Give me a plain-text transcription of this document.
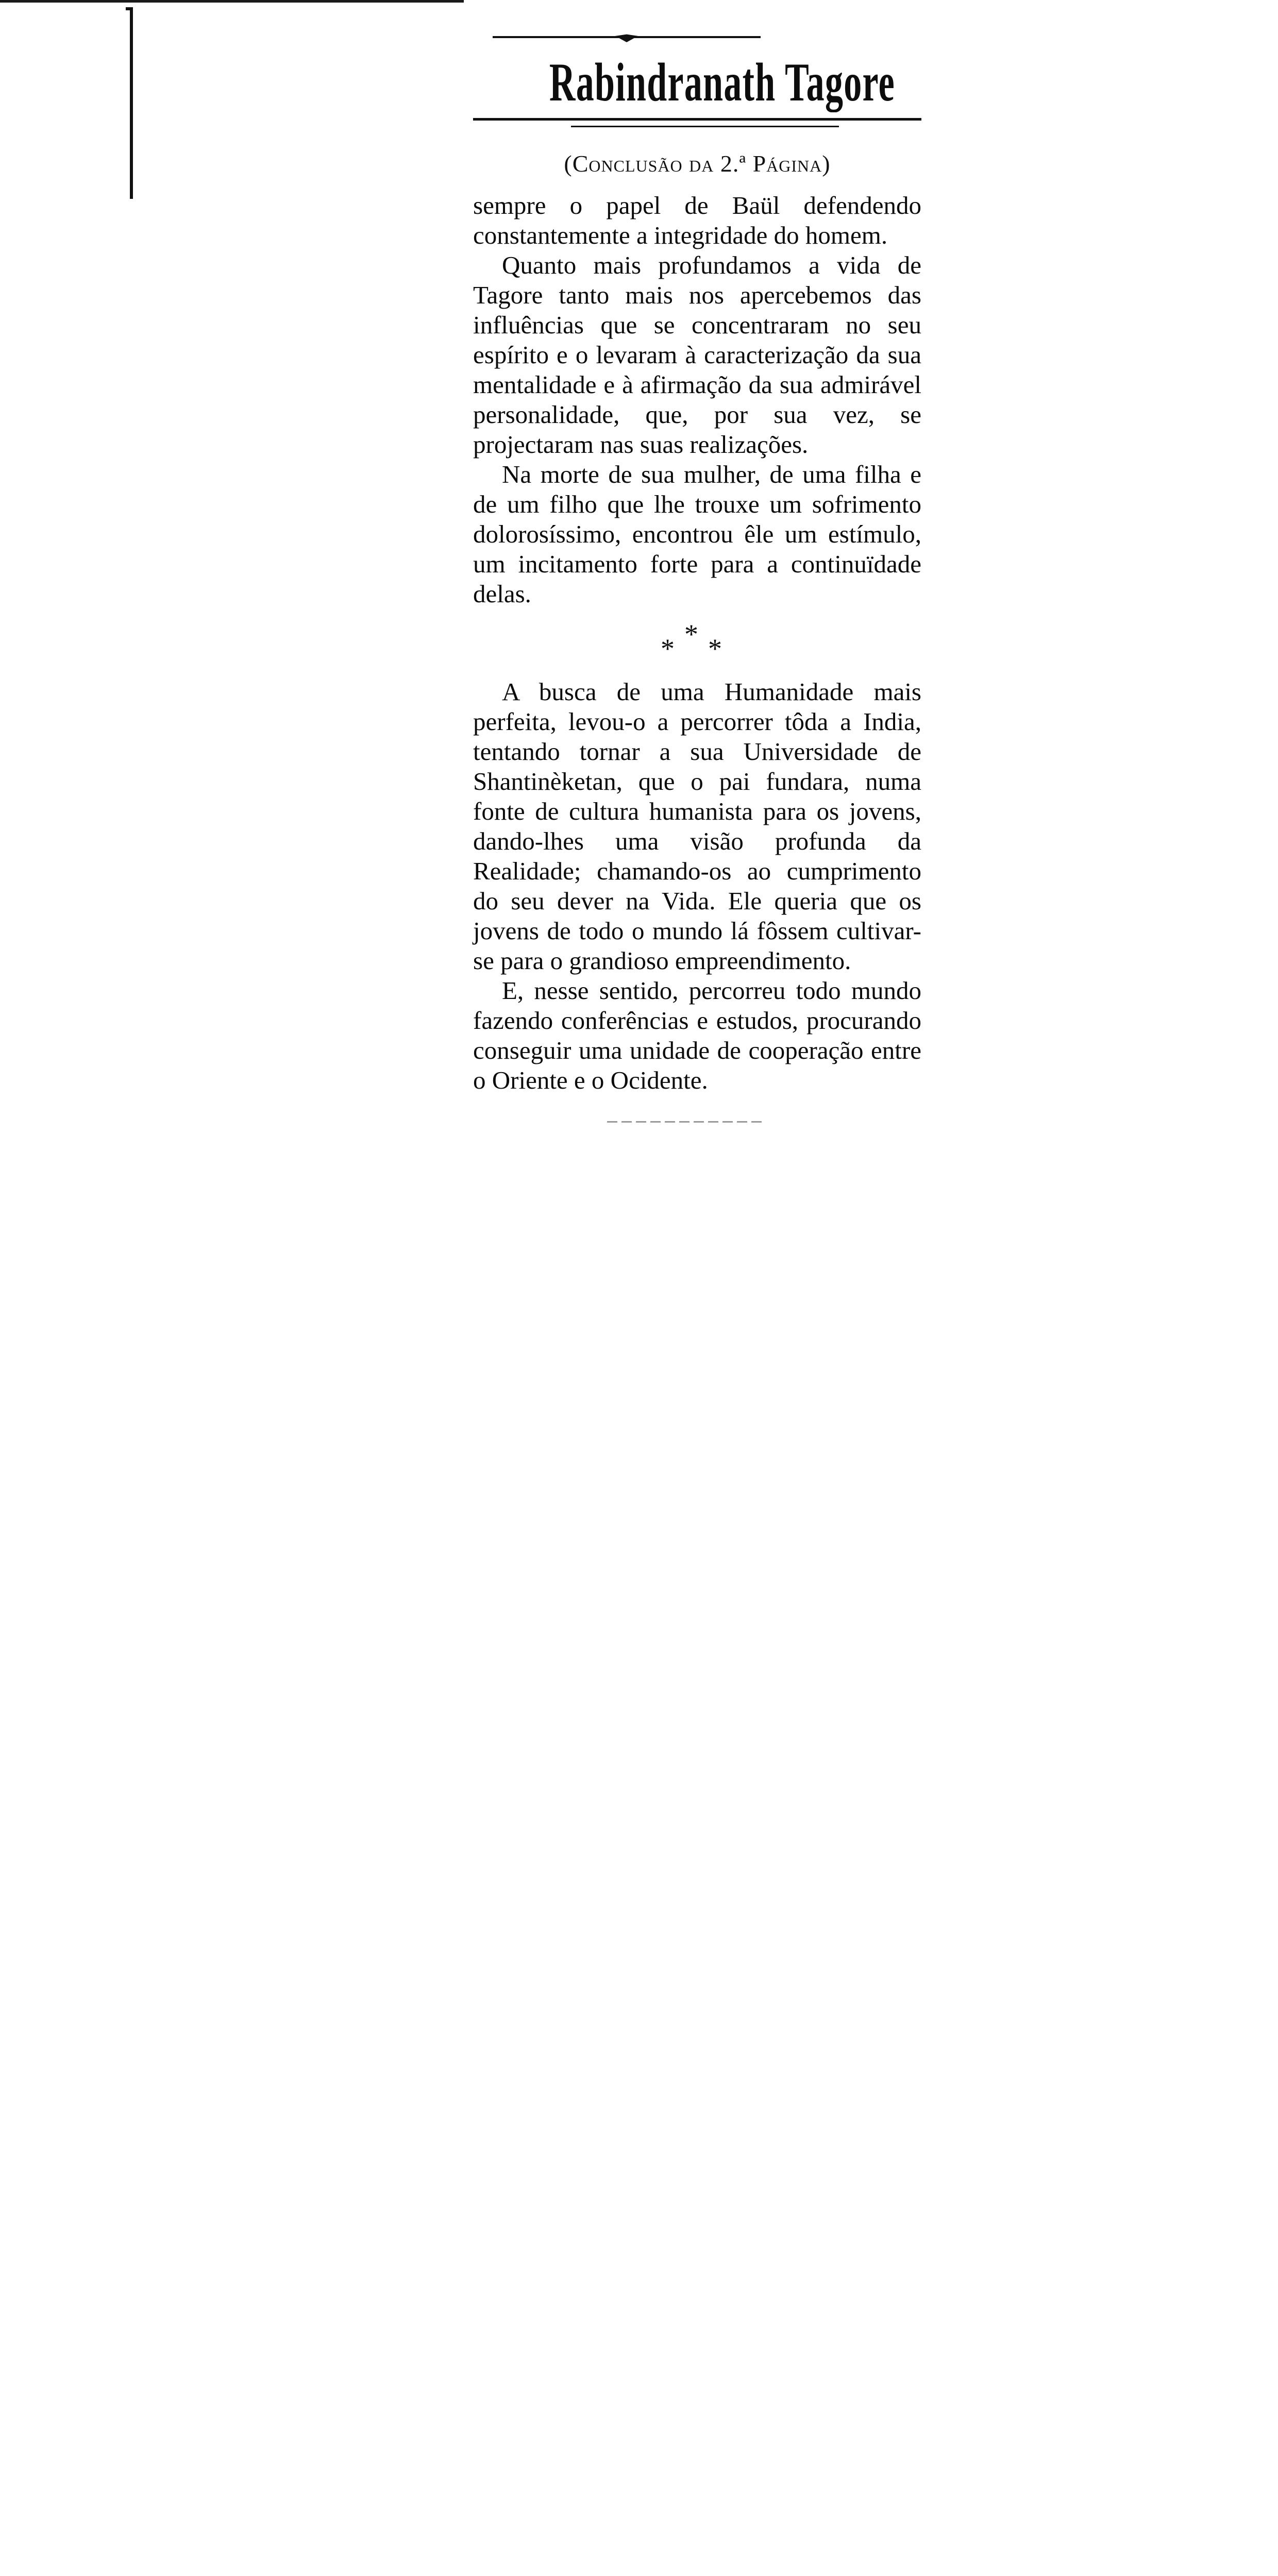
Rabindranath Tagore
(Conclusão da 2.ª Página)

sempre o papel de Baül defendendo constantemente a integridade do homem.

Quanto mais profundamos a vida de Tagore tanto mais nos apercebemos das influências que se concentraram no seu espírito e o levaram à caracterização da sua mentalidade e à afirmação da sua admirável personalidade, que, por sua vez, se projectaram nas suas realizações.

Na morte de sua mulher, de uma filha e de um filho que lhe trouxe um sofrimento dolorosíssimo, encontrou êle um estímulo, um incitamento forte para a continuïdade delas.

*
* *

A busca de uma Humanidade mais perfeita, levou-o a percorrer tôda a India, tentando tornar a sua Universidade de Shantinèketan, que o pai fundara, numa fonte de cultura humanista para os jovens, dando-lhes uma visão profunda da Realidade; chamando-os ao cumprimento do seu dever na Vida. Ele queria que os jovens de todo o mundo lá fôssem cultivar-se para o grandioso empreendimento.

E, nesse sentido, percorreu todo mundo fazendo conferências e estudos, procurando conseguir uma unidade de cooperação entre o Oriente e o Ocidente.
